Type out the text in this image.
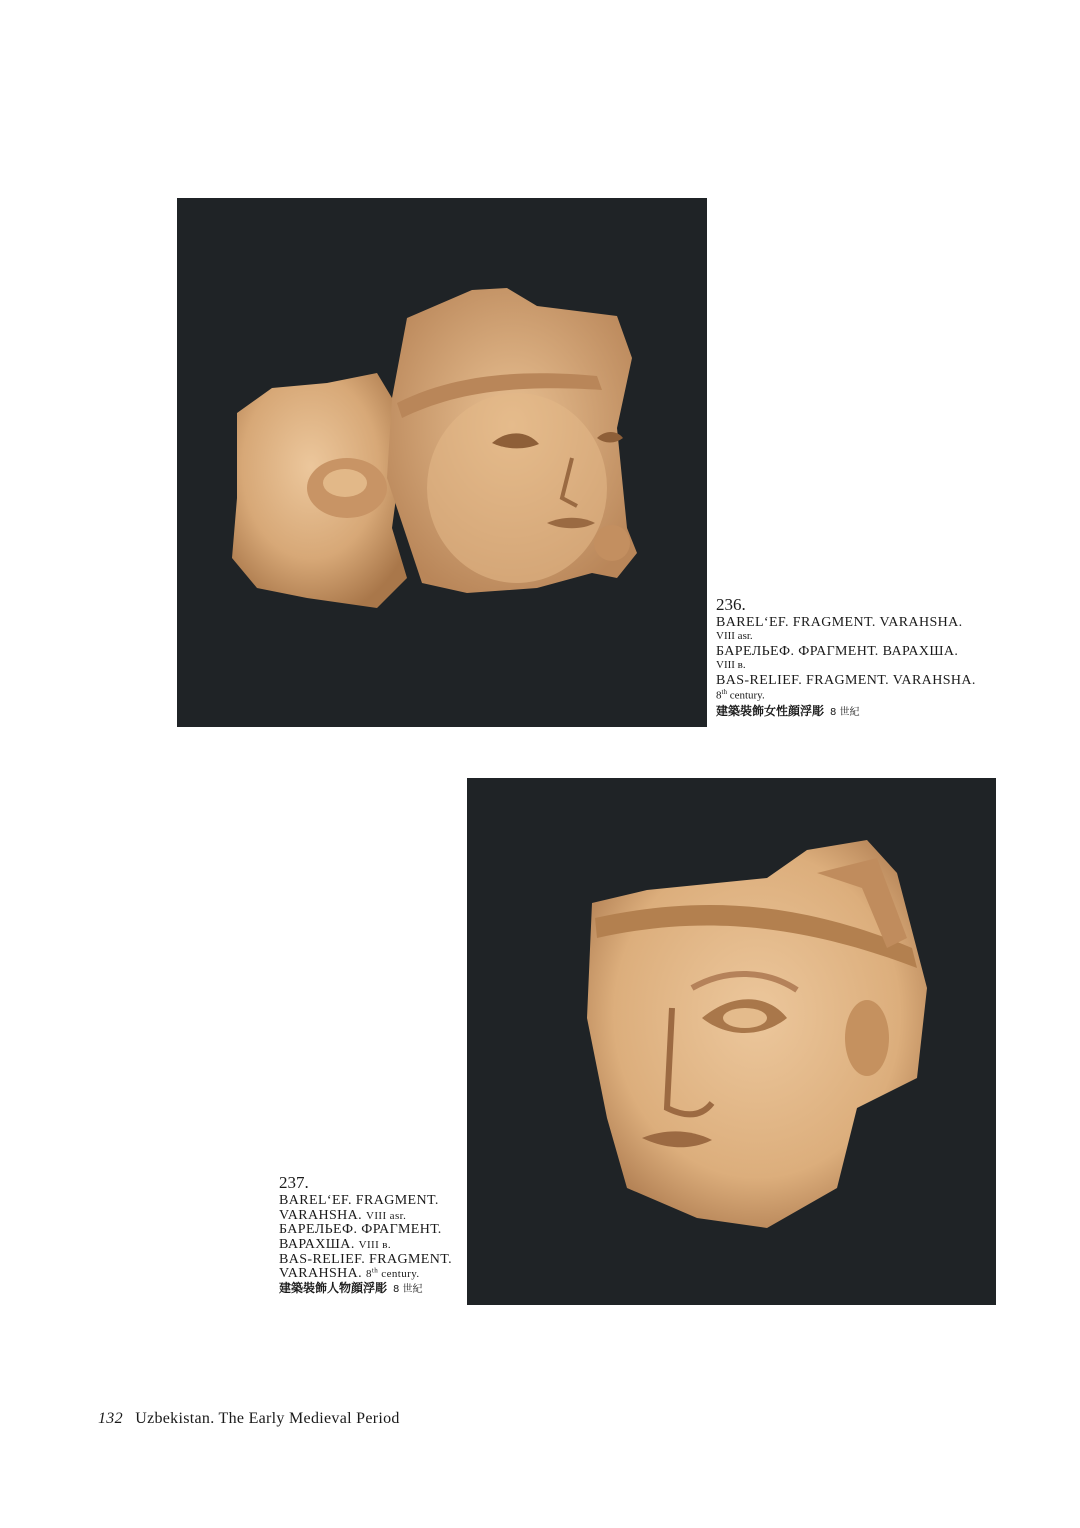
236.
BAREL‘EF. FRAGMENT. VARAHSHA.
VIII asr.
БАРЕЛЬЕФ. ФРАГМЕНТ. ВАРАХША.
VIII в.
BAS-RELIEF. FRAGMENT. VARAHSHA.
8th century.
建築裝飾女性顔浮彫 8 世紀
237.
BAREL‘EF. FRAGMENT.
VARAHSHA. VIII asr.
БАРЕЛЬЕФ. ФРАГМЕНТ.
ВАРАХША. VIII в.
BAS-RELIEF. FRAGMENT.
VARAHSHA. 8th century.
建築裝飾人物顔浮彫 8 世紀
132 Uzbekistan. The Early Medieval Period
